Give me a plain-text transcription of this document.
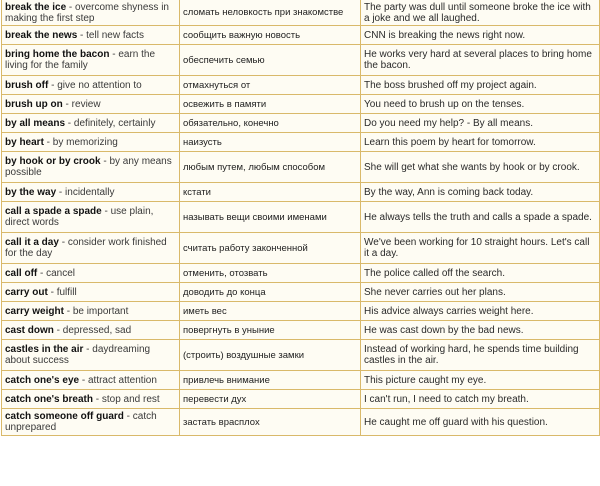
break the ice - overcome shyness in making the first step	сломать неловкость при знакомстве	The party was dull until someone broke the ice with a joke and we all laughed.
break the news - tell new facts	сообщить важную новость	CNN is breaking the news right now.
bring home the bacon - earn the living for the family	обеспечить семью	He works very hard at several places to bring home the bacon.
brush off - give no attention to	отмахнуться от	The boss brushed off my project again.
brush up on - review	освежить в памяти	You need to brush up on the tenses.
by all means - definitely, certainly	обязательно, конечно	Do you need my help? - By all means.
by heart - by memorizing	наизусть	Learn this poem by heart for tomorrow.
by hook or by crook - by any means possible	любым путем, любым способом	She will get what she wants by hook or by crook.
by the way - incidentally	кстати	By the way, Ann is coming back today.
call a spade a spade - use plain, direct words	называть вещи своими именами	He always tells the truth and calls a spade a spade.
call it a day - consider work finished for the day	считать работу законченной	We've been working for 10 straight hours. Let's call it a day.
call off - cancel	отменить, отозвать	The police called off the search.
carry out - fulfill	доводить до конца	She never carries out her plans.
carry weight - be important	иметь вес	His advice always carries weight here.
cast down - depressed, sad	повергнуть в уныние	He was cast down by the bad news.
castles in the air - daydreaming about success	(строить) воздушные замки	Instead of working hard, he spends time building castles in the air.
catch one's eye - attract attention	привлечь внимание	This picture caught my eye.
catch one's breath - stop and rest	перевести дух	I can't run, I need to catch my breath.
catch someone off guard - catch unprepared	застать врасплох	He caught me off guard with his question.
